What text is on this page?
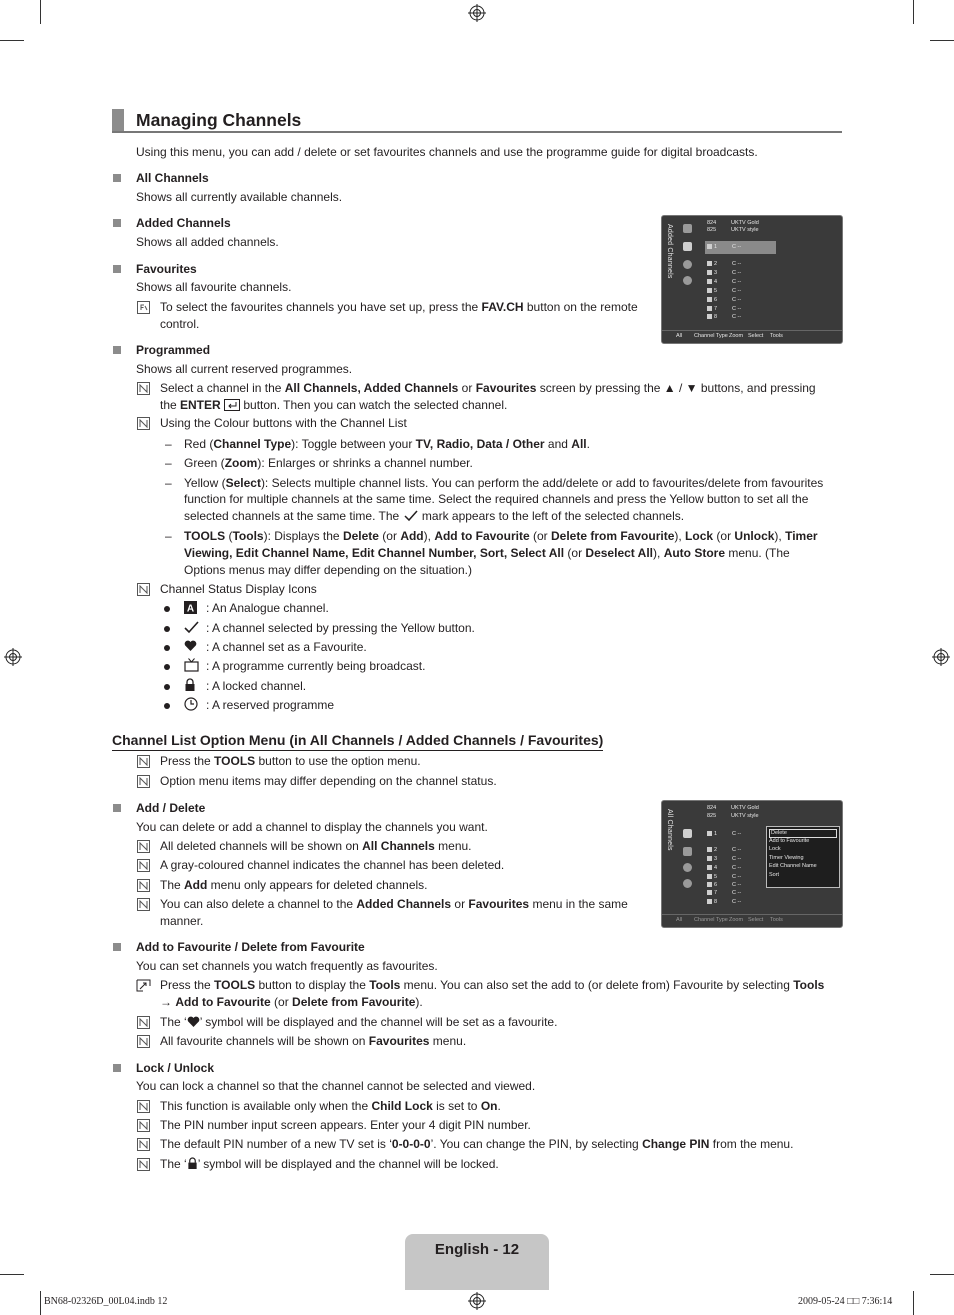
Managing Channels
Using this menu, you can add / delete or set favourites channels and use the programme guide for digital broadcasts.
All Channels
Shows all currently available channels.
Added Channels
Shows all added channels.
Favourites
Shows all favourite channels.
To select the favourites channels you have set up, press the FAV.CH button on the remote
control.
Added Channels
824	UKTV Gold
825	UKTV style
1	C --
2	C --
3	C --
4	C --
5	C --
6	C --
7	C --
8	C --
All Channel Type Zoom Select Tools
Programmed
Shows all current reserved programmes.
Select a channel in the All Channels, Added Channels or Favourites screen by pressing the ▲ / ▼ buttons, and pressing
the ENTER  button. Then you can watch the selected channel.
Using the Colour buttons with the Channel List
– Red (Channel Type): Toggle between your TV, Radio, Data / Other and All.
– Green (Zoom): Enlarges or shrinks a channel number.
– Yellow (Select): Selects multiple channel lists. You can perform the add/delete or add to favourites/delete from favourites
function for multiple channels at the same time. Select the required channels and press the Yellow button to set all the
selected channels at the same time. The  mark appears to the left of the selected channels.
– TOOLS (Tools): Displays the Delete (or Add), Add to Favourite (or Delete from Favourite), Lock (or Unlock), Timer
Viewing, Edit Channel Name, Edit Channel Number, Sort, Select All (or Deselect All), Auto Store menu. (The
Options menus may differ depending on the situation.)
Channel Status Display Icons
A : An Analogue channel.
: A channel selected by pressing the Yellow button.
: A channel set as a Favourite.
: A programme currently being broadcast.
: A locked channel.
: A reserved programme
Channel List Option Menu (in All Channels / Added Channels / Favourites)
Press the TOOLS button to use the option menu.
Option menu items may differ depending on the channel status.
Add / Delete
You can delete or add a channel to display the channels you want.
All deleted channels will be shown on All Channels menu.
A gray-coloured channel indicates the channel has been deleted.
The Add menu only appears for deleted channels.
You can also delete a channel to the Added Channels or Favourites menu in the same
manner.
All Channels
824	UKTV Gold
825	UKTV style
1	C --
2	C --
3	C --
4	C --
5	C --
6	C --
7	C --
8	C --
Delete
Add to Favourite
Lock
Timer Viewing
Edit Channel Name
Sort
All Channel Type Zoom Select Tools
Add to Favourite / Delete from Favourite
You can set channels you watch frequently as favourites.
Press the TOOLS button to display the Tools menu. You can also set the add to (or delete from) Favourite by selecting Tools
→ Add to Favourite (or Delete from Favourite).
The ‘ ’ symbol will be displayed and the channel will be set as a favourite.
All favourite channels will be shown on Favourites menu.
Lock / Unlock
You can lock a channel so that the channel cannot be selected and viewed.
This function is available only when the Child Lock is set to On.
The PIN number input screen appears. Enter your 4 digit PIN number.
The default PIN number of a new TV set is ‘0-0-0-0’. You can change the PIN, by selecting Change PIN from the menu.
The ‘ ’ symbol will be displayed and the channel will be locked.
English - 12
BN68-02326D_00L04.indb 12	2009-05-24 □□ 7:36:14
